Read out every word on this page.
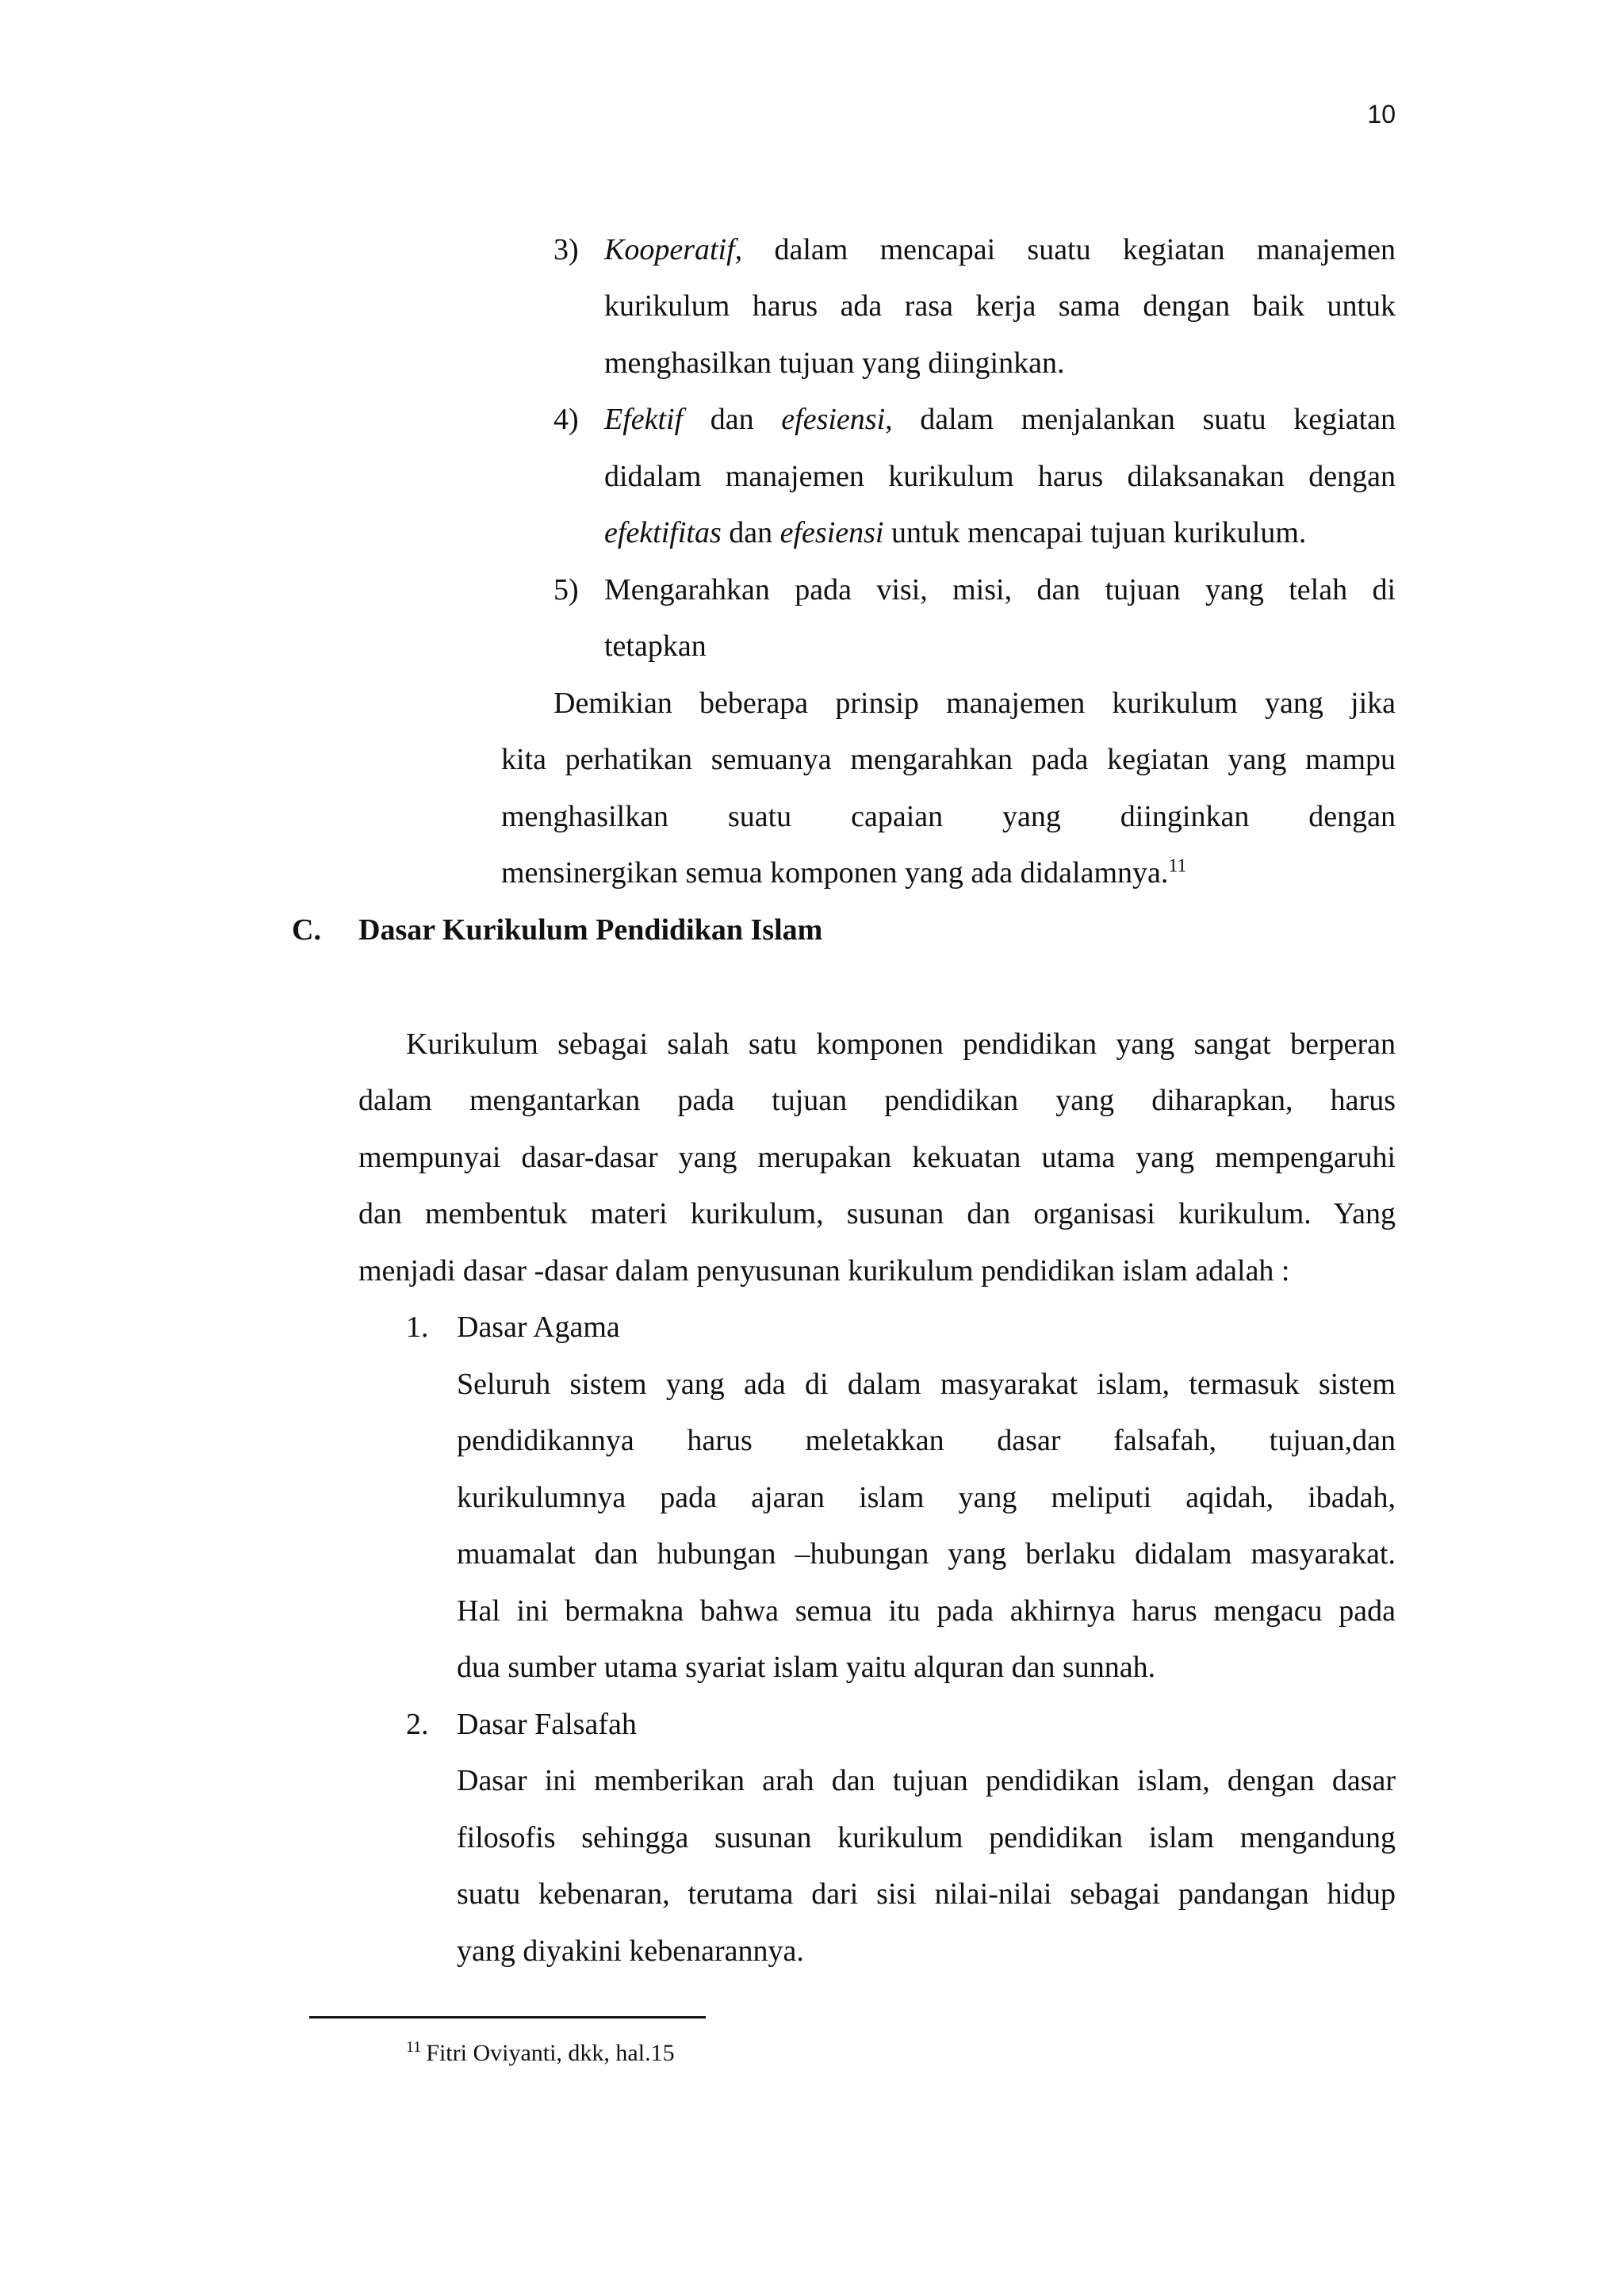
10
3) Kooperatif, dalam mencapai suatu kegiatan manajemen
kurikulum harus ada rasa kerja sama dengan baik untuk
menghasilkan tujuan yang diinginkan.
4) Efektif dan efesiensi, dalam menjalankan suatu kegiatan
didalam manajemen kurikulum harus dilaksanakan dengan
efektifitas dan efesiensi untuk mencapai tujuan kurikulum.
5) Mengarahkan pada visi, misi, dan tujuan yang telah di
tetapkan
Demikian beberapa prinsip manajemen kurikulum yang jika
kita perhatikan semuanya mengarahkan pada kegiatan yang mampu
menghasilkan suatu capaian yang diinginkan dengan
mensinergikan semua komponen yang ada didalamnya.$^{11}$
C. Dasar Kurikulum Pendidikan Islam
Kurikulum sebagai salah satu komponen pendidikan yang sangat berperan
dalam mengantarkan pada tujuan pendidikan yang diharapkan, harus
mempunyai dasar-dasar yang merupakan kekuatan utama yang mempengaruhi
dan membentuk materi kurikulum, susunan dan organisasi kurikulum. Yang
menjadi dasar -dasar dalam penyusunan kurikulum pendidikan islam adalah :
1. Dasar Agama
Seluruh sistem yang ada di dalam masyarakat islam, termasuk sistem
pendidikannya harus meletakkan dasar falsafah, tujuan,dan
kurikulumnya pada ajaran islam yang meliputi aqidah, ibadah,
muamalat dan hubungan –hubungan yang berlaku didalam masyarakat.
Hal ini bermakna bahwa semua itu pada akhirnya harus mengacu pada
dua sumber utama syariat islam yaitu alquran dan sunnah.
2. Dasar Falsafah
Dasar ini memberikan arah dan tujuan pendidikan islam, dengan dasar
filosofis sehingga susunan kurikulum pendidikan islam mengandung
suatu kebenaran, terutama dari sisi nilai-nilai sebagai pandangan hidup
yang diyakini kebenarannya.
$^{11}$ Fitri Oviyanti, dkk, hal.15
